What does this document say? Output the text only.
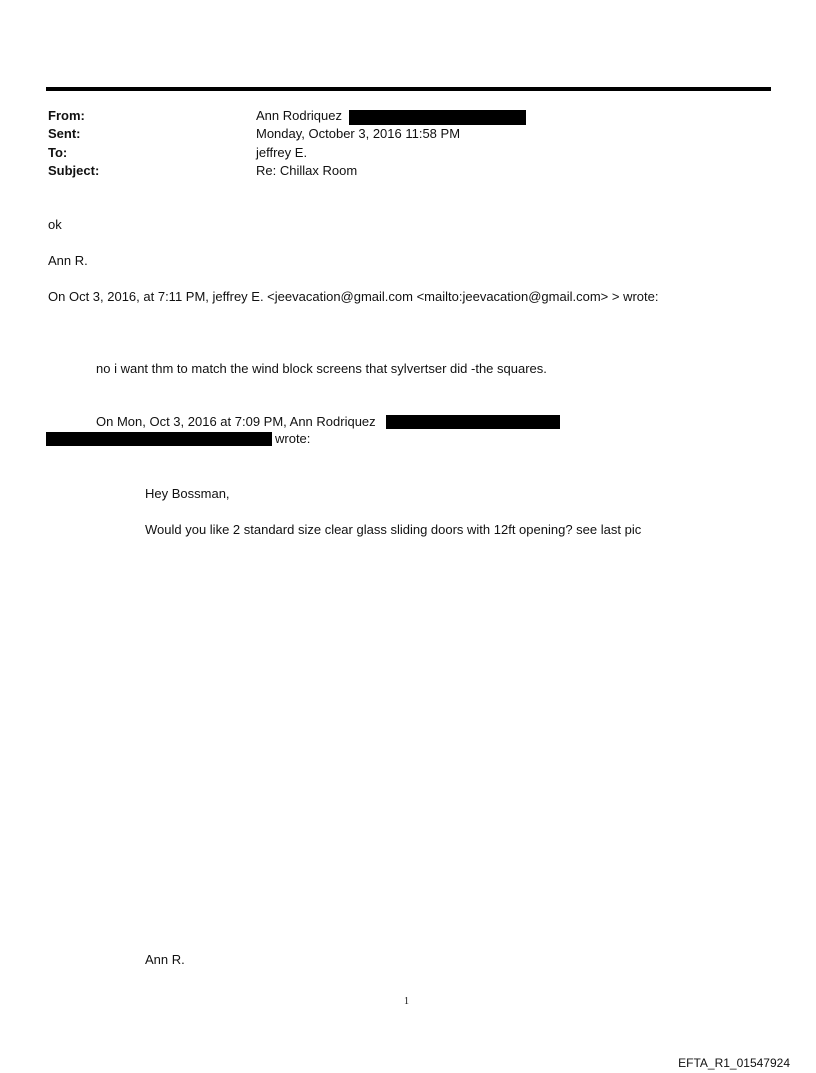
From:	Ann Rodriquez
Sent:	Monday, October 3, 2016 11:58 PM
To:	jeffrey E.
Subject:	Re: Chillax Room
ok
Ann R.
On Oct 3, 2016, at 7:11 PM, jeffrey E. <jeevacation@gmail.com <mailto:jeevacation@gmail.com> > wrote:
no i want thm to match the wind block screens that sylvertser did -the squares.
On Mon, Oct 3, 2016 at 7:09 PM, Ann Rodriquez
wrote:
Hey Bossman,
Would you like 2 standard size clear glass sliding doors with 12ft opening? see last pic
Ann R.
1
EFTA_R1_01547924
